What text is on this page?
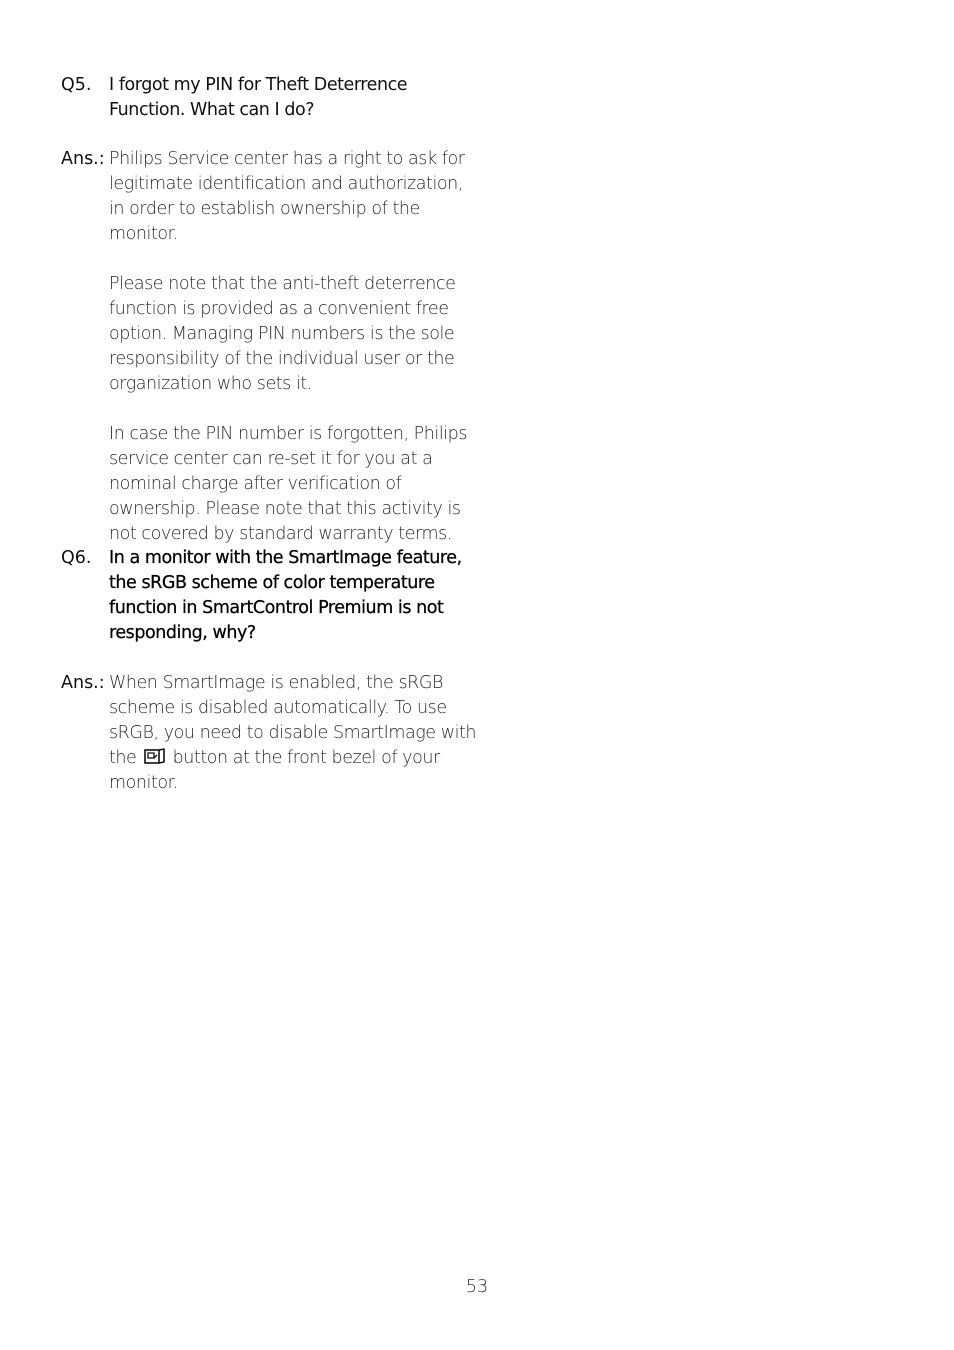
Q5. I forgot my PIN for Theft Deterrence Function. What can I do?
Ans.: Philips Service center has a right to ask for legitimate identification and authorization, in order to establish ownership of the monitor.

Please note that the anti-theft deterrence function is provided as a convenient free option. Managing PIN numbers is the sole responsibility of the individual user or the organization who sets it.

In case the PIN number is forgotten, Philips service center can re-set it for you at a nominal charge after verification of ownership. Please note that this activity is not covered by standard warranty terms.

Q6. In a monitor with the SmartImage feature, the sRGB scheme of color temperature function in SmartControl Premium is not responding, why?
Ans.: When SmartImage is enabled, the sRGB scheme is disabled automatically. To use sRGB, you need to disable SmartImage with the button at the front bezel of your monitor.
53
